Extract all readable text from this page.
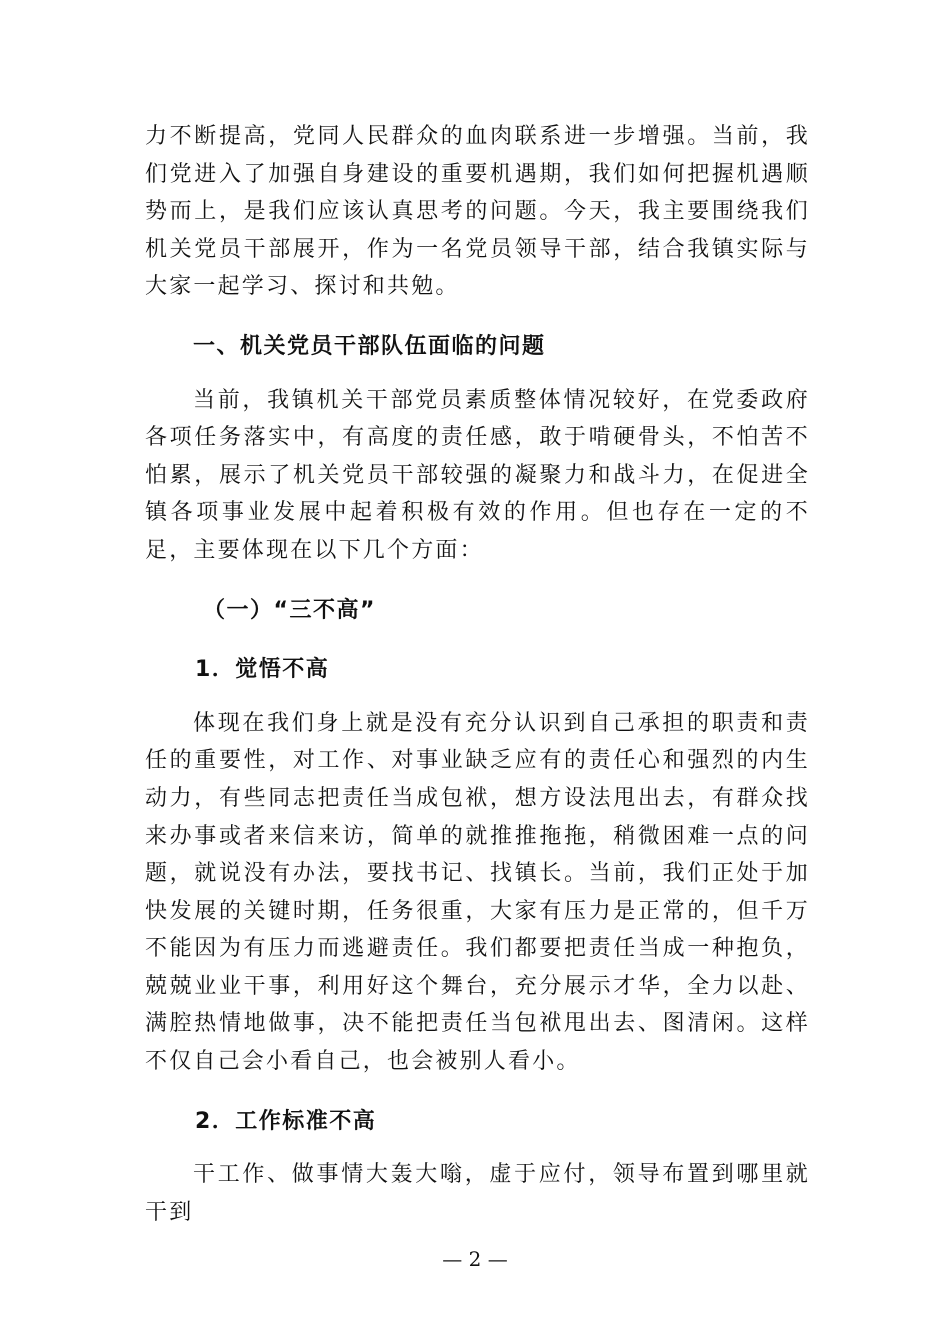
力不断提高，党同人民群众的血肉联系进一步增强。当前，我们党进入了加强自身建设的重要机遇期，我们如何把握机遇顺势而上，是我们应该认真思考的问题。今天，我主要围绕我们机关党员干部展开，作为一名党员领导干部，结合我镇实际与大家一起学习、探讨和共勉。

一、机关党员干部队伍面临的问题

当前，我镇机关干部党员素质整体情况较好，在党委政府各项任务落实中，有高度的责任感，敢于啃硬骨头，不怕苦不怕累，展示了机关党员干部较强的凝聚力和战斗力，在促进全镇各项事业发展中起着积极有效的作用。但也存在一定的不足，主要体现在以下几个方面：

（一）“三不高”

1．觉悟不高

体现在我们身上就是没有充分认识到自己承担的职责和责任的重要性，对工作、对事业缺乏应有的责任心和强烈的内生动力，有些同志把责任当成包袱，想方设法甩出去，有群众找来办事或者来信来访，简单的就推推拖拖，稍微困难一点的问题，就说没有办法，要找书记、找镇长。当前，我们正处于加快发展的关键时期，任务很重，大家有压力是正常的，但千万不能因为有压力而逃避责任。我们都要把责任当成一种抱负，兢兢业业干事，利用好这个舞台，充分展示才华，全力以赴、满腔热情地做事，决不能把责任当包袱甩出去、图清闲。这样不仅自己会小看自己，也会被别人看小。

2．工作标准不高

干工作、做事情大轰大嗡，虚于应付，领导布置到哪里就干到

— 2 —
